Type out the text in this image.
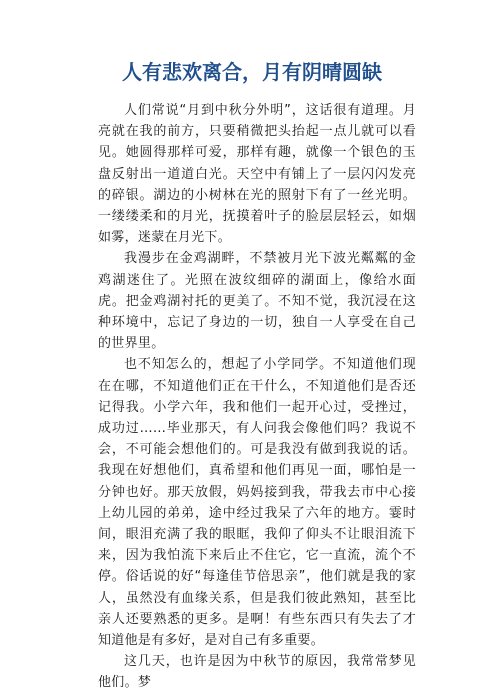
人有悲欢离合，月有阴晴圆缺

人们常说“月到中秋分外明”，这话很有道理。月亮就在我的前方，只要稍微把头抬起一点儿就可以看见。她圆得那样可爱，那样有趣，就像一个银色的玉盘反射出一道道白光。天空中有铺上了一层闪闪发亮的碎银。湖边的小树林在光的照射下有了一丝光明。一缕缕柔和的月光，抚摸着叶子的脸层层轻云，如烟如雾，迷蒙在月光下。

我漫步在金鸡湖畔，不禁被月光下波光粼粼的金鸡湖迷住了。光照在波纹细碎的湖面上，像给水面虎。把金鸡湖衬托的更美了。不知不觉，我沉浸在这种环境中，忘记了身边的一切，独自一人享受在自己的世界里。

也不知怎么的，想起了小学同学。不知道他们现在在哪，不知道他们正在干什么，不知道他们是否还记得我。小学六年，我和他们一起开心过，受挫过，成功过……毕业那天，有人问我会像他们吗？我说不会，不可能会想他们的。可是我没有做到我说的话。我现在好想他们，真希望和他们再见一面，哪怕是一分钟也好。那天放假，妈妈接到我，带我去市中心接上幼儿园的弟弟，途中经过我呆了六年的地方。霎时间，眼泪充满了我的眼眶，我仰了仰头不让眼泪流下来，因为我怕流下来后止不住它，它一直流，流个不停。俗话说的好“每逢佳节倍思亲”，他们就是我的家人，虽然没有血缘关系，但是我们彼此熟知，甚至比亲人还要熟悉的更多。是啊！有些东西只有失去了才知道他是有多好，是对自己有多重要。

这几天，也许是因为中秋节的原因，我常常梦见他们。梦
